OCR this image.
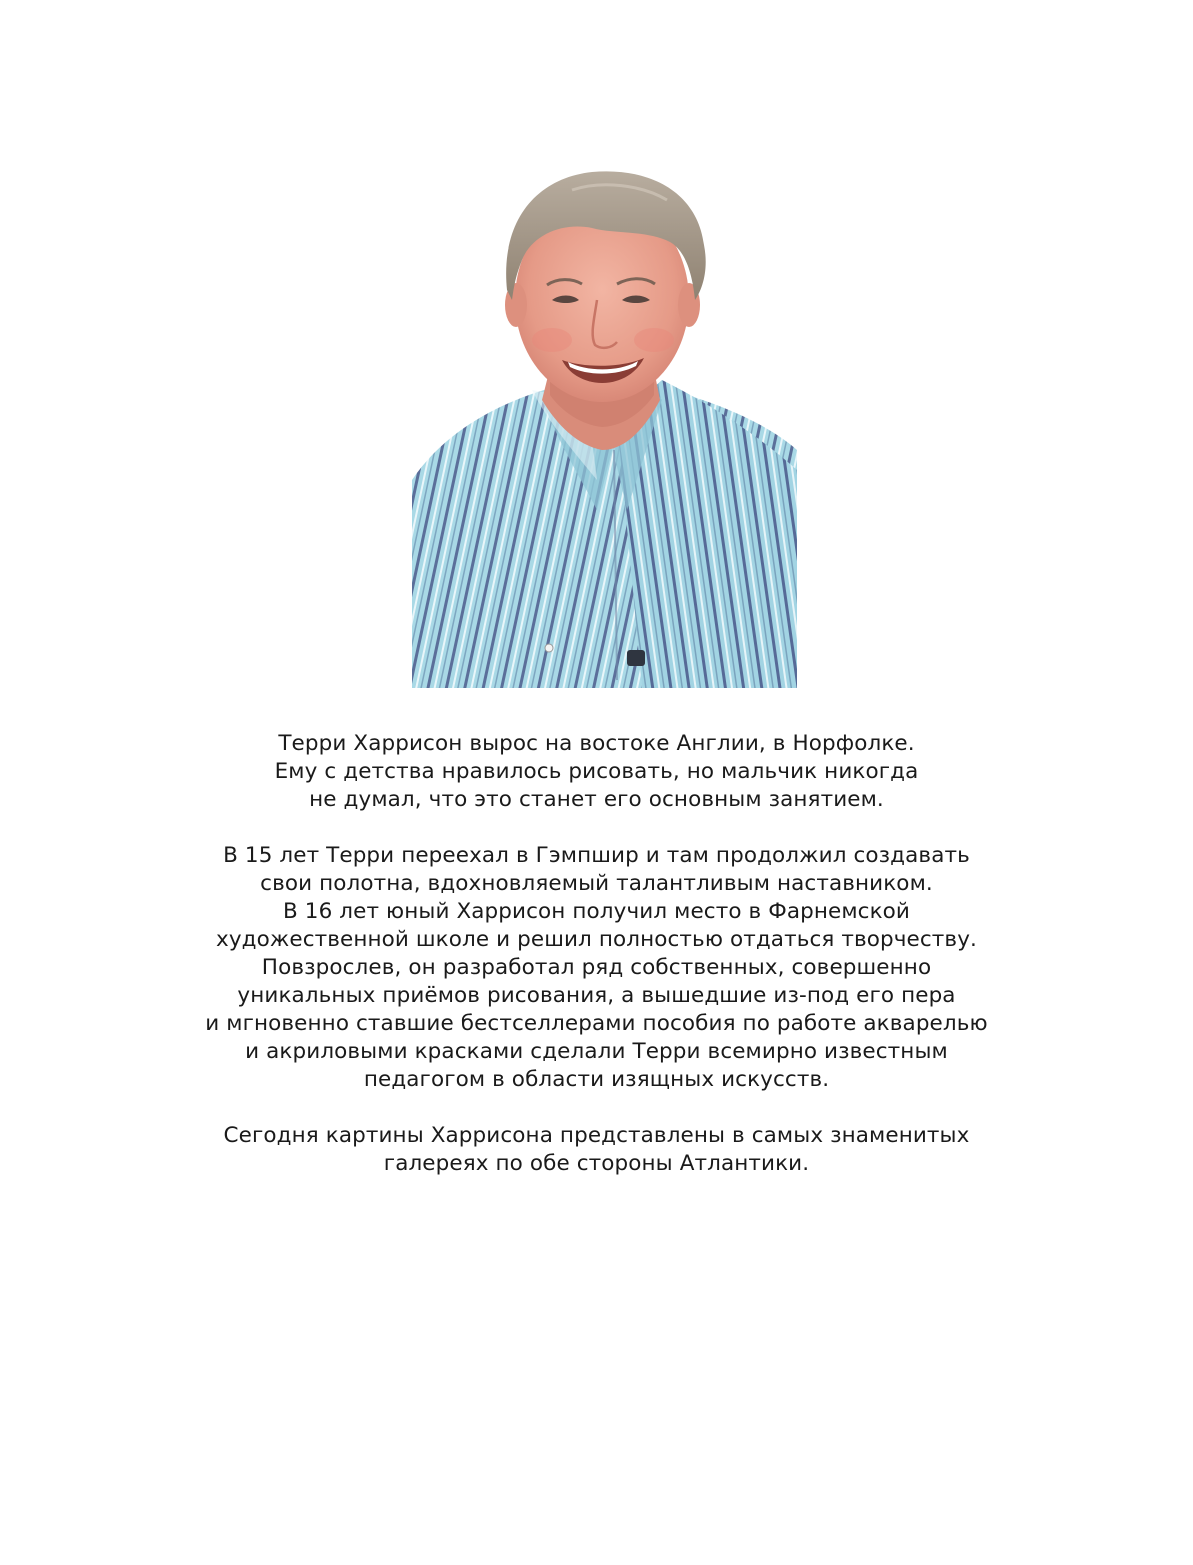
Терри Харрисон вырос на востоке Англии, в Норфолке.
Ему с детства нравилось рисовать, но мальчик никогда
не думал, что это станет его основным занятием.

В 15 лет Терри переехал в Гэмпшир и там продолжил создавать
свои полотна, вдохновляемый талантливым наставником.
В 16 лет юный Харрисон получил место в Фарнемской
художественной школе и решил полностью отдаться творчеству.
Повзрослев, он разработал ряд собственных, совершенно
уникальных приёмов рисования, а вышедшие из-под его пера
и мгновенно ставшие бестселлерами пособия по работе акварелью
и акриловыми красками сделали Терри всемирно известным
педагогом в области изящных искусств.

Сегодня картины Харрисона представлены в самых знаменитых
галереях по обе стороны Атлантики.
